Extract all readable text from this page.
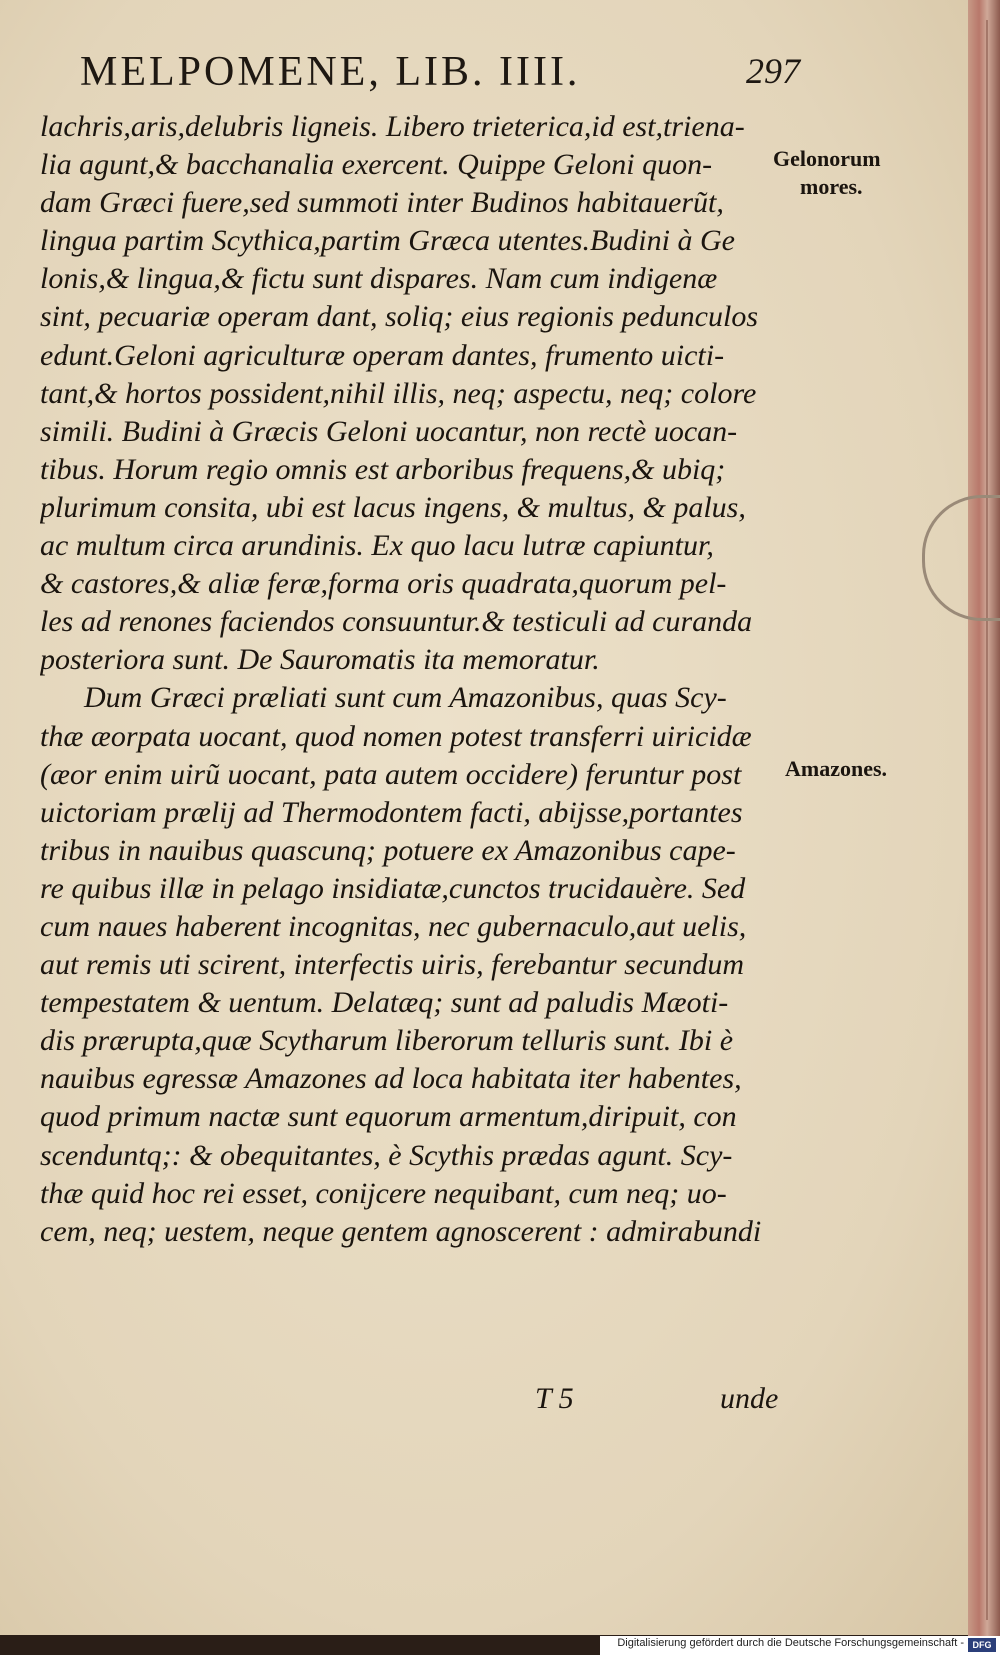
MELPOMENE, LIB. IIII.	297
lachris,aris,delubris ligneis. Libero trieterica,id est,triena-
lia agunt,& bacchanalia exercent. Quippe Geloni quon-
dam Græci fuere,sed summoti inter Budinos habitauerũt,
lingua partim Scythica,partim Græca utentes.Budini à Ge
lonis,& lingua,& fictu sunt dispares. Nam cum indigenæ
sint, pecuariæ operam dant, soliq; eius regionis pedunculos
edunt.Geloni agriculturæ operam dantes, frumento uicti-
tant,& hortos possident,nihil illis, neq; aspectu, neq; colore
simili. Budini à Græcis Geloni uocantur, non rectè uocan-
tibus. Horum regio omnis est arboribus frequens,& ubiq;
plurimum consita, ubi est lacus ingens, & multus, & palus,
ac multum circa arundinis. Ex quo lacu lutræ capiuntur,
& castores,& aliæ feræ,forma oris quadrata,quorum pel-
les ad renones faciendos consuuntur.& testiculi ad curanda
posteriora sunt. De Sauromatis ita memoratur.
Dum Græci præliati sunt cum Amazonibus, quas Scy-
thæ æorpata uocant, quod nomen potest transferri uiricidæ
(æor enim uirũ uocant, pata autem occidere) feruntur post
uictoriam prælij ad Thermodontem facti, abijsse,portantes
tribus in nauibus quascunq; potuere ex Amazonibus cape-
re quibus illæ in pelago insidiatæ,cunctos trucidauère. Sed
cum naues haberent incognitas, nec gubernaculo,aut uelis,
aut remis uti scirent, interfectis uiris, ferebantur secundum
tempestatem & uentum. Delatæq; sunt ad paludis Mæoti-
dis prærupta,quæ Scytharum liberorum telluris sunt. Ibi è
nauibus egressæ Amazones ad loca habitata iter habentes,
quod primum nactæ sunt equorum armentum,diripuit, con
scenduntq;: & obequitantes, è Scythis prædas agunt. Scy-
thæ quid hoc rei esset, conijcere nequibant, cum neq; uo-
cem, neq; uestem, neque gentem agnoscerent : admirabundi
Gelonorum
mores.
Amazones.
T 5	unde
Digitalisierung gefördert durch die Deutsche Forschungsgemeinschaft - DFG
